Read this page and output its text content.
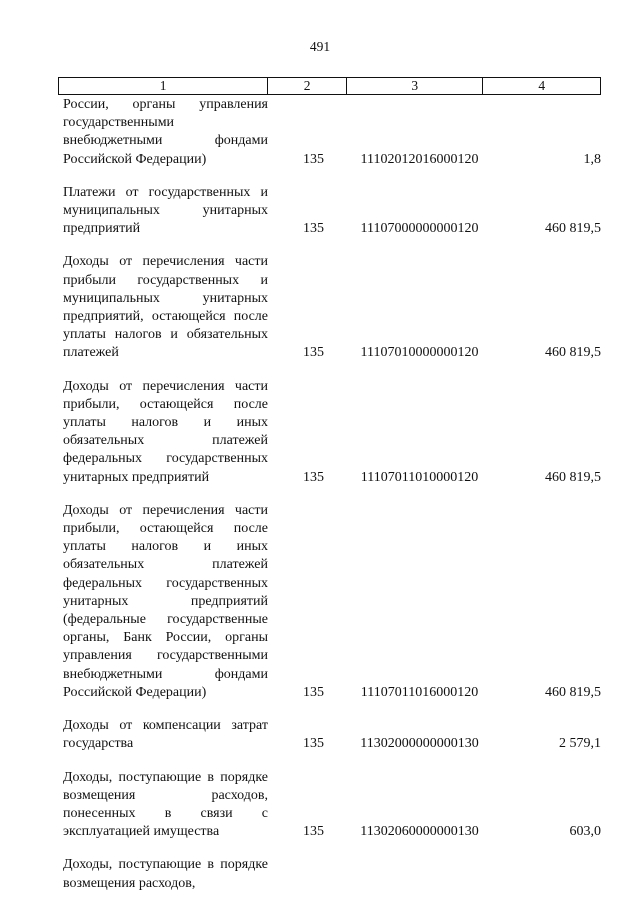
491
1	2	3	4
России, органы управления государственными внебюджетными фондами Российской Федерации)	135	11102012016000120	1,8
Платежи от государственных и муниципальных унитарных предприятий	135	11107000000000120	460 819,5
Доходы от перечисления части прибыли государственных и муниципальных унитарных предприятий, остающейся после уплаты налогов и обязательных платежей	135	11107010000000120	460 819,5
Доходы от перечисления части прибыли, остающейся после уплаты налогов и иных обязательных платежей федеральных государственных унитарных предприятий	135	11107011010000120	460 819,5
Доходы от перечисления части прибыли, остающейся после уплаты налогов и иных обязательных платежей федеральных государственных унитарных предприятий (федеральные государственные органы, Банк России, органы управления государственными внебюджетными фондами Российской Федерации)	135	11107011016000120	460 819,5
Доходы от компенсации затрат государства	135	11302000000000130	2 579,1
Доходы, поступающие в порядке возмещения расходов, понесенных в связи с эксплуатацией имущества	135	11302060000000130	603,0
Доходы, поступающие в порядке возмещения расходов,
